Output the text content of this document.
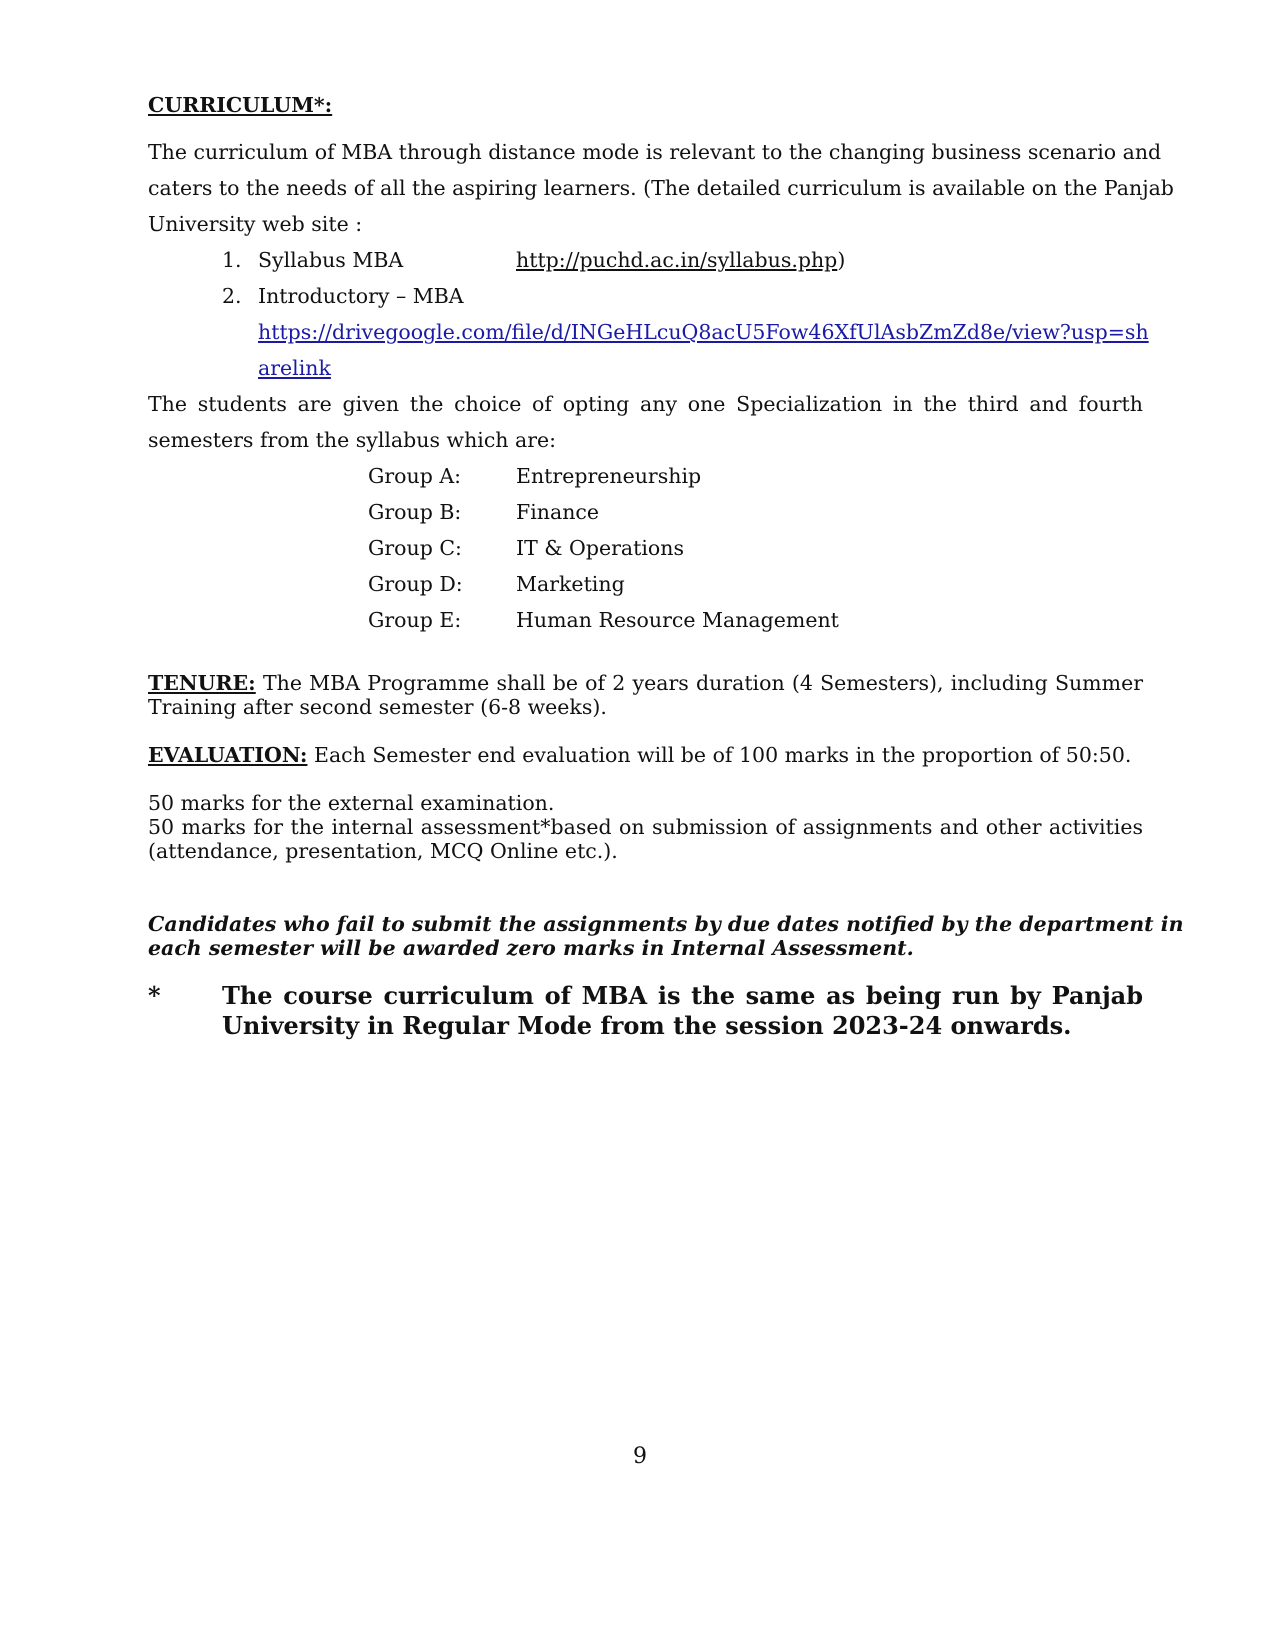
CURRICULUM*:
The curriculum of MBA through distance mode is relevant to the changing business scenario and
caters to the needs of all the aspiring learners. (The detailed curriculum is available on the Panjab
University web site :
1. Syllabus MBA	http://puchd.ac.in/syllabus.php)
2. Introductory – MBA
https://drivegoogle.com/file/d/INGeHLcuQ8acU5Fow46XfUlAsbZmZd8e/view?usp=sh
arelink
The students are given the choice of opting any one Specialization in the third and fourth
semesters from the syllabus which are:
Group A:	Entrepreneurship
Group B:	Finance
Group C:	IT & Operations
Group D:	Marketing
Group E:	Human Resource Management
TENURE: The MBA Programme shall be of 2 years duration (4 Semesters), including Summer
Training after second semester (6-8 weeks).
EVALUATION: Each Semester end evaluation will be of 100 marks in the proportion of 50:50.
50 marks for the external examination.
50 marks for the internal assessment*based on submission of assignments and other activities
(attendance, presentation, MCQ Online etc.).
Candidates who fail to submit the assignments by due dates notified by the department in
each semester will be awarded zero marks in Internal Assessment.
*	The course curriculum of MBA is the same as being run by Panjab
University in Regular Mode from the session 2023-24 onwards.
9
